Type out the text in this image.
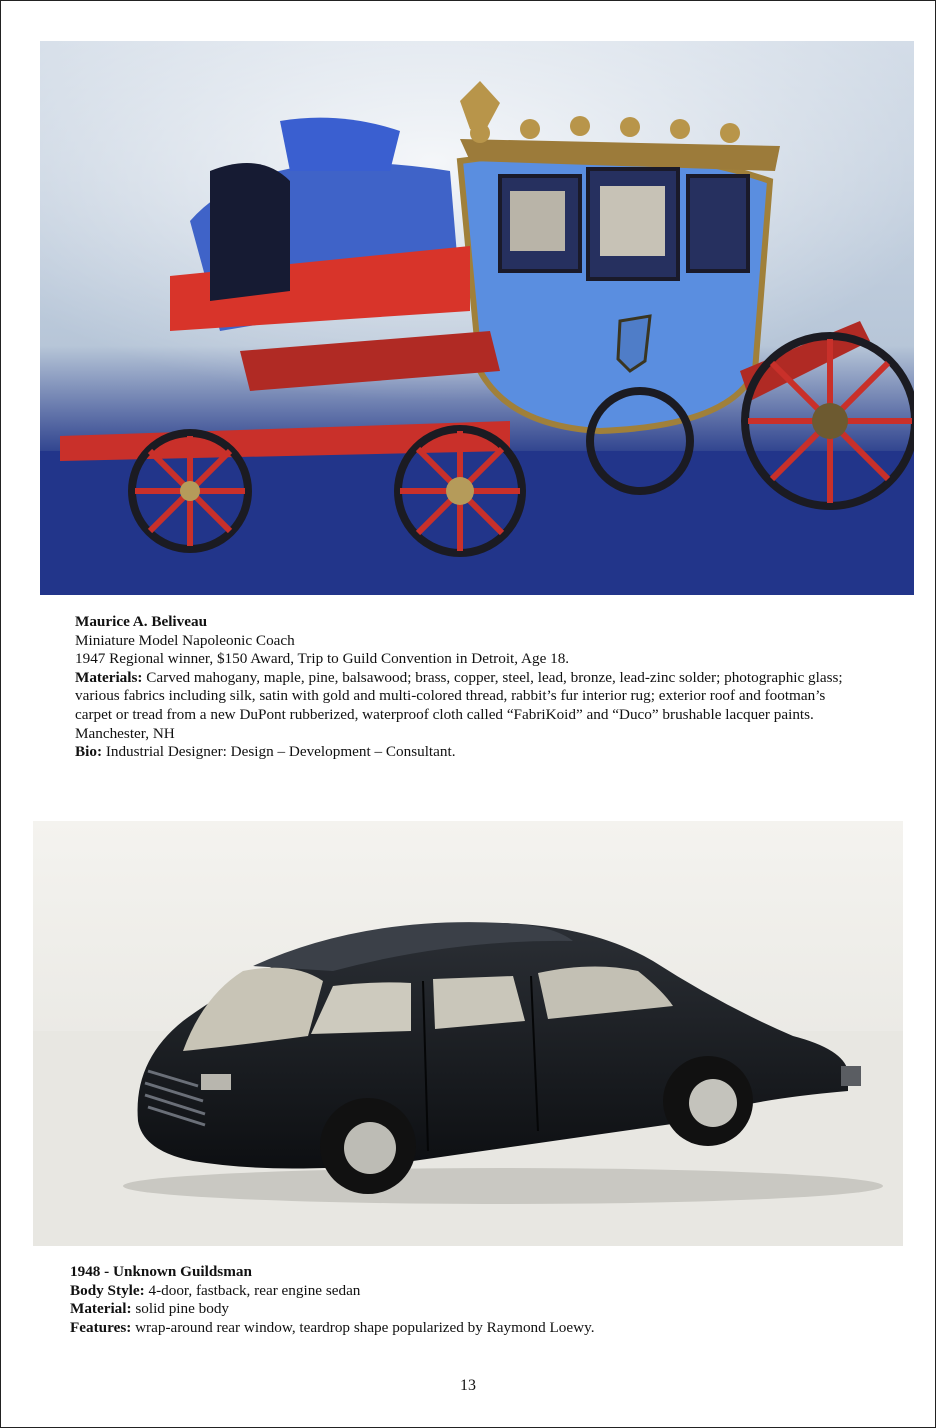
Maurice A. Beliveau
Miniature Model Napoleonic Coach
1947 Regional winner, $150 Award, Trip to Guild Convention in Detroit, Age 18.
Materials: Carved mahogany, maple, pine, balsawood; brass, copper, steel, lead, bronze, lead-zinc solder; photographic glass;
various fabrics including silk, satin with gold and multi-colored thread, rabbit’s fur interior rug; exterior roof and footman’s
carpet or tread from a new DuPont rubberized, waterproof cloth called “FabriKoid” and “Duco” brushable lacquer paints.
Manchester, NH
Bio: Industrial Designer: Design – Development – Consultant.
1948 - Unknown Guildsman
Body Style: 4-door, fastback, rear engine sedan
Material: solid pine body
Features: wrap-around rear window, teardrop shape popularized by Raymond Loewy.
13
